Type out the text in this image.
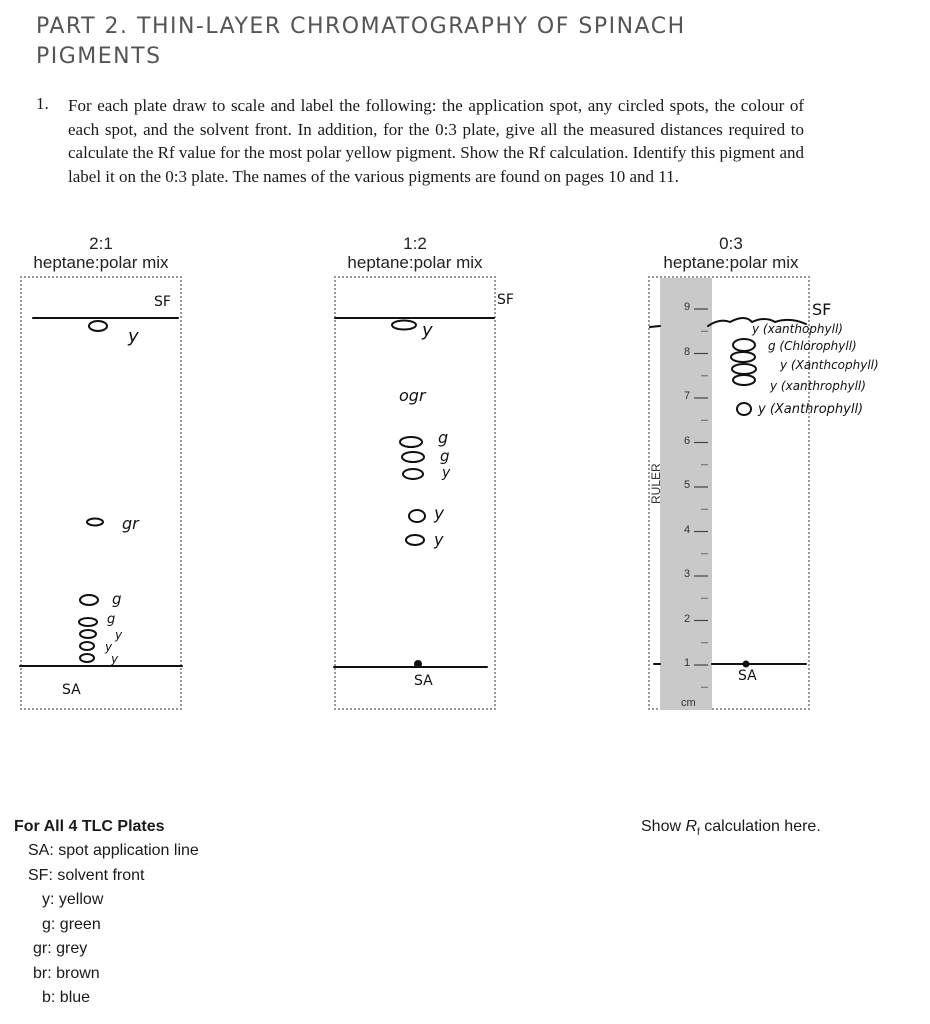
PART 2. THIN-LAYER CHROMATOGRAPHY OF SPINACH PIGMENTS
1. For each plate draw to scale and label the following: the application spot, any circled spots, the colour of each spot, and the solvent front. In addition, for the 0:3 plate, give all the measured distances required to calculate the Rf value for the most polar yellow pigment. Show the Rf calculation. Identify this pigment and label it on the 0:3 plate. The names of the various pigments are found on pages 10 and 11.

2:1
heptane:polar mix
1:2
heptane:polar mix
0:3
heptane:polar mix
RULER
cm
1
2
3
4
5
6
7
8
9
SF
SA
y
gr
g
g
y
y
y
SF
SA
y
ogr
g
g
y
y
y
SF
SA
y (xanthophyll)
g (Chlorophyll)
y (Xanthcophyll)
y (xanthrophyll)
y (Xanthrophyll)
For All 4 TLC Plates
SA: spot application line
SF: solvent front
y: yellow
g: green
gr: grey
br: brown
b: blue
Show $R_f$ calculation here.
